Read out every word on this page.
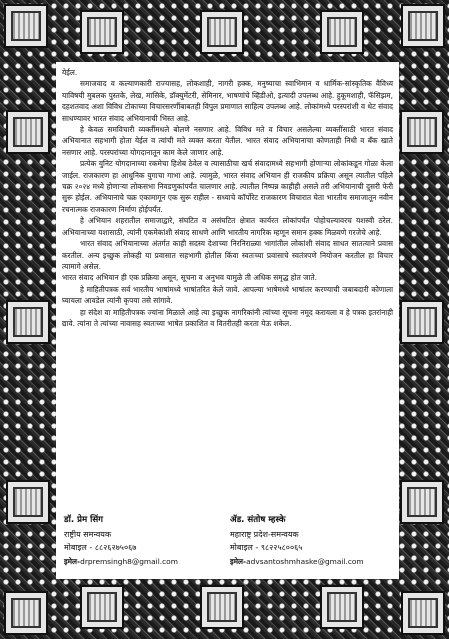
येईल.

समाजवाद व कल्याणकारी राज्यासह, लोकशाही, नागरी हक्क, मनुष्याचा स्वाभिमान व धार्मिक-सांस्कृतिक वैविध्य याविषयी मुबलक पुस्तके, लेख, मासिके, डॉक्युमेंटरी, सेमिनार, भाषणांचे व्हिडीओ, इत्यादी उपलब्ध आहे. हुकूमशाही, फॅसिझम, दहशतवाद अशा विविध टोकाच्या विचारसरणींबाबतही विपुल प्रमाणात साहित्य उपलब्ध आहे. लोकांमध्ये परस्परांशी व थेट संवाद साधण्यावर भारत संवाद अभियानाची भिस्त आहे.

हे केवळ समविचारी व्यक्तींमधले बोलणे नसणार आहे. विविध मते व विचार असलेल्या व्यक्तींसाठी भारत संवाद अभियानात सहभागी होता येईल व त्यांची मते व्यक्त करता येतील. भारत संवाद अभियानाचा कोणताही निधी व बँक खाते नसणार आहे. परस्परांच्या योगदानातून काम केले जाणार आहे.

प्रत्येक युनिट योगदानाच्या रकमेचा हिशेब ठेवेल व त्यासाठीचा खर्च संवादामध्ये सहभागी होणाऱ्या लोकांकडून गोळा केला जाईल. राजकारण हा आधुनिक युगाचा गाभा आहे. त्यामुळे, भारत संवाद अभियान ही राजकीय प्रक्रिया असून त्यातील पहिले चक्र २०२४ मध्ये होणाऱ्या लोकसभा निवडणुकांपर्यंत चालणार आहे. त्यातील निष्पन्न काहीही असले तरी अभियानाची दुसरी फेरी सुरू होईल. अभियानाचे चक्र एकामागून एक सुरू राहील - सध्याचे कॉर्पोरेट राजकारण विचारात घेता भारतीय समाजातून नवीन रचनात्मक राजकारण निर्माण होईपर्यंत.

हे अभियान शहरातील समाजाद्वारे, संघटित व असंघटित क्षेत्रात कार्यरत लोकांपर्यंत पोहोचल्यावरच यशस्वी ठरेल. अभियानाच्या यशासाठी, त्यांनी एकमेकांशी संवाद साधणे आणि भारतीय नागरिक म्हणून समान हक्क मिळवणे गरजेचे आहे.

भारत संवाद अभियानाच्या अंतर्गत काही सदस्य देशाच्या निरनिराळ्या भागांतील लोकांशी संवाद साधत सातत्याने प्रवास करतील. अन्य इच्छुक लोकही या प्रवासात सहभागी होतील किंवा स्वतःच्या प्रवासाचे स्वतंत्रपणे नियोजन करतील हा विचार त्यामागे असेल.

भारत संवाद अभियान ही एक प्रक्रिया असून, सूचना व अनुभव यामुळे ती अधिक समृद्ध होत जाते.

हे माहितीपत्रक सर्व भारतीय भाषांमध्ये भाषांतरित केले जावे. आपल्या भाषेमध्ये भाषांतर करण्याची जबाबदारी कोणाला घ्यायला आवडेल त्यांनी कृपया तसे सांगावे.

हा संदेश वा माहितीपत्रक ज्यांना मिळाले आहे त्या इच्छुक नागरिकांनी त्यांच्या सूचना नमूद करायला व हे पत्रक इतरांनाही द्यावे. त्यांना ते त्यांच्या नावासह स्वतःच्या भाषेत प्रकाशित व वितरीतही करता येऊ शकेल.

डॉ. प्रेम सिंग
राष्ट्रीय समन्वयक
मोबाइल - ८८२६२७५०६७
इमेल-drpremsingh8@gmail.com
ॲड. संतोष म्हस्के
महाराष्ट्र प्रदेश-समन्वयक
मोबाइल - ९८२२५८००६५
इमेल-advsantoshmhaske@gmail.com
